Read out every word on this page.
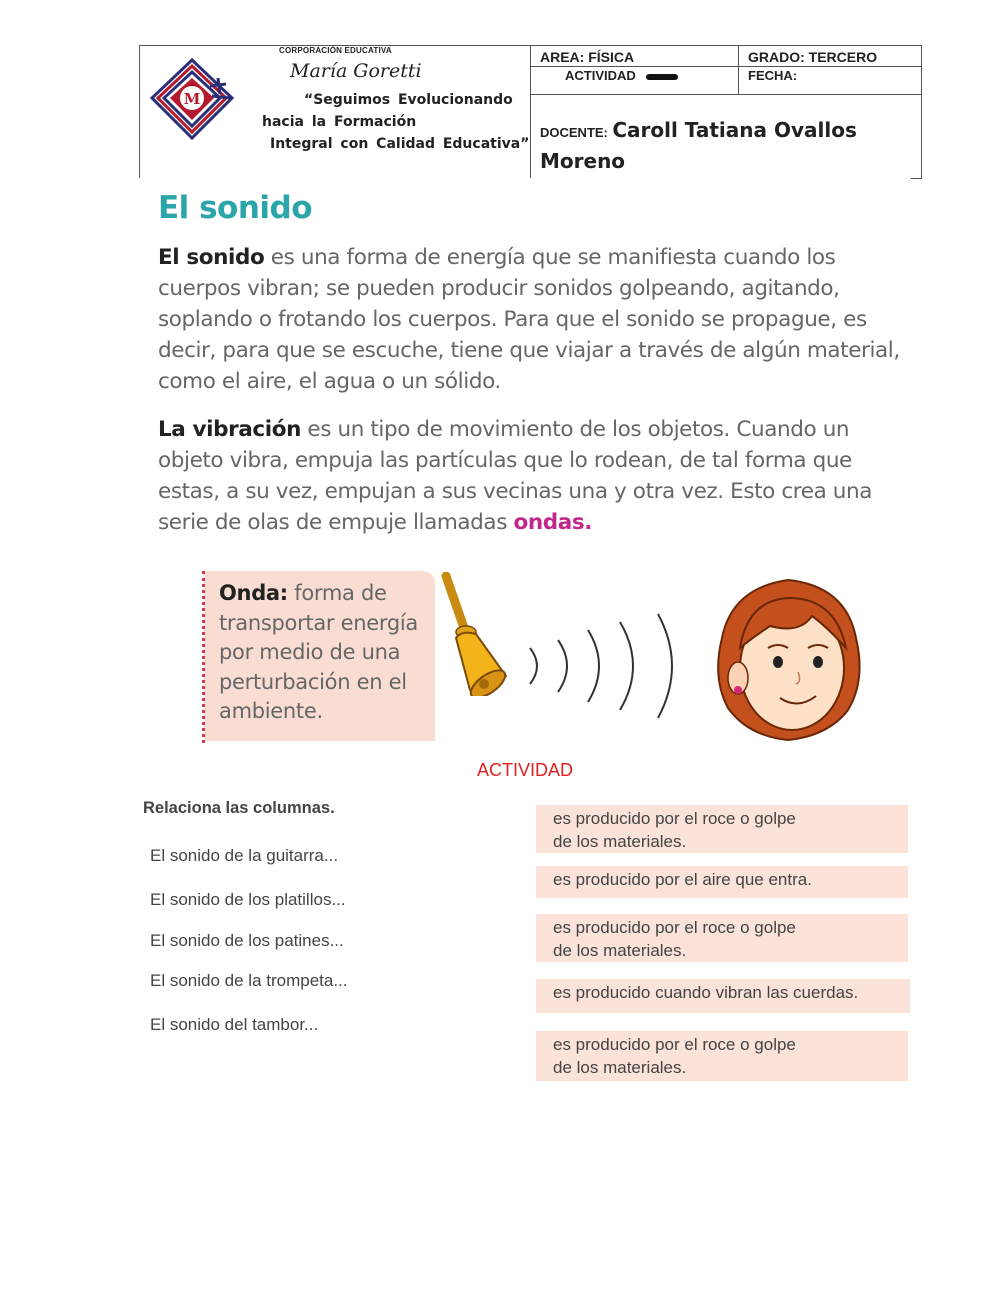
M
CORPORACIÓN EDUCATIVA
María Goretti
“Seguimos Evolucionando
hacia la Formación
Integral con Calidad Educativa”
AREA: FÍSICA	GRADO: TERCERO
ACTIVIDAD	FECHA:
DOCENTE: Caroll Tatiana Ovallos Moreno
El sonido
El sonido es una forma de energía que se manifiesta cuando los cuerpos vibran; se pueden producir sonidos golpeando, agitando, soplando o frotando los cuerpos. Para que el sonido se propague, es decir, para que se escuche, tiene que viajar a través de algún material, como el aire, el agua o un sólido.
La vibración es un tipo de movimiento de los objetos. Cuando un objeto vibra, empuja las partículas que lo rodean, de tal forma que estas, a su vez, empujan a sus vecinas una y otra vez. Esto crea una serie de olas de empuje llamadas ondas.
Onda: forma de transportar energía por medio de una perturbación en el ambiente.
ACTIVIDAD
Relaciona las columnas.
El sonido de la guitarra...
El sonido de los platillos...
El sonido de los patines...
El sonido de la trompeta...
El sonido del tambor...
es producido por el roce o golpe
de los materiales.
es producido por el aire que entra.
es producido por el roce o golpe
de los materiales.
es producido cuando vibran las cuerdas.
es producido por el roce o golpe
de los materiales.
